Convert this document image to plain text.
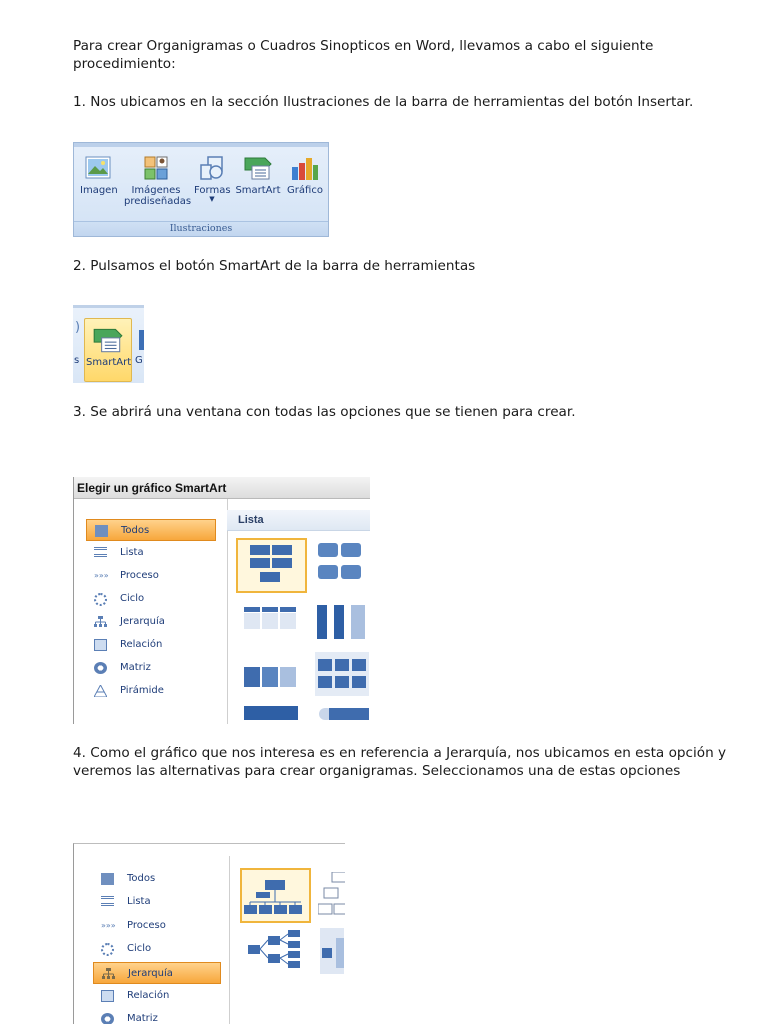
Para crear Organigramas o Cuadros Sinopticos en Word, llevamos a cabo el siguiente procedimiento:
1. Nos ubicamos en la sección Ilustraciones de la barra de herramientas del botón Insertar.
2. Pulsamos el botón SmartArt de la barra de herramientas
3. Se abrirá una ventana con todas las opciones que se tienen para crear.
4. Como el gráfico que nos interesa es en referencia a Jerarquía, nos ubicamos en esta opción y veremos las alternativas para crear organigramas. Seleccionamos una de estas opciones
Imagen	Imágenes
prediseñadas
Formas
▼
SmartArt Gráfico
Ilustraciones
)
s SmartArt G
Elegir un gráfico SmartArt
Todos
Lista
»»» Proceso
Ciclo
Jerarquía
Relación
Matriz
Pirámide
Lista
Todos
Lista
»»» Proceso
Ciclo
Jerarquía
Relación
Matriz
